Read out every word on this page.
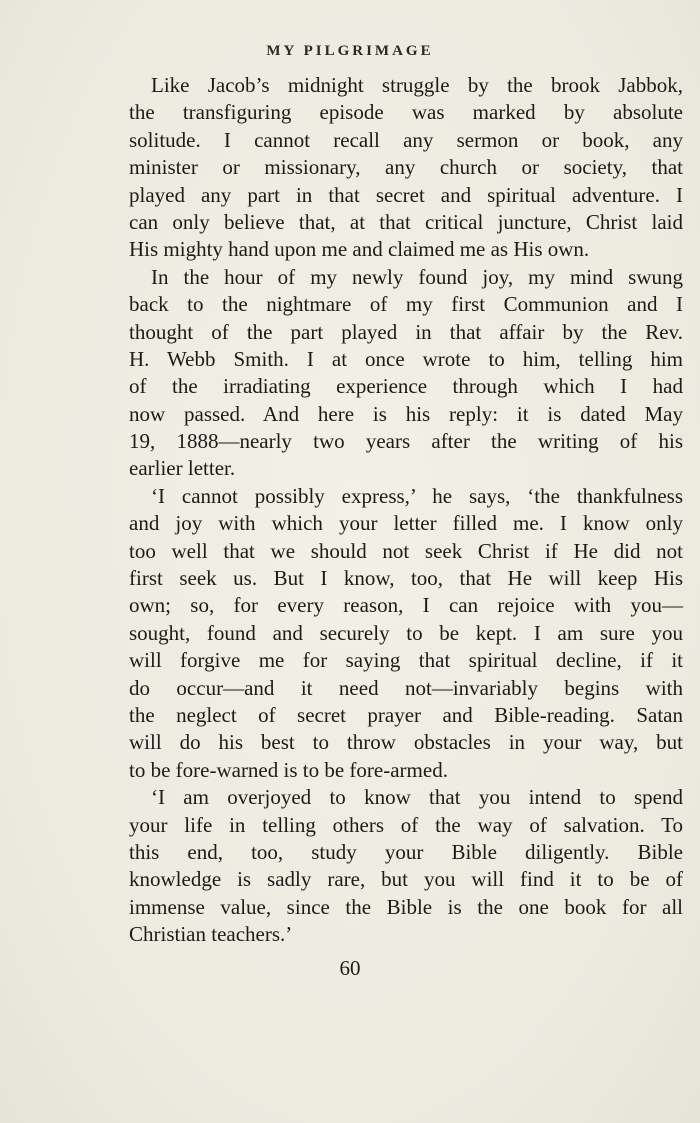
MY PILGRIMAGE
Like Jacob’s midnight struggle by the brook Jabbok,
the transfiguring episode was marked by absolute
solitude. I cannot recall any sermon or book, any
minister or missionary, any church or society, that
played any part in that secret and spiritual adventure. I
can only believe that, at that critical juncture, Christ laid
His mighty hand upon me and claimed me as His own.
In the hour of my newly found joy, my mind swung
back to the nightmare of my first Communion and I
thought of the part played in that affair by the Rev.
H. Webb Smith. I at once wrote to him, telling him
of the irradiating experience through which I had
now passed. And here is his reply: it is dated May
19, 1888—nearly two years after the writing of his
earlier letter.
‘I cannot possibly express,’ he says, ‘the thankfulness
and joy with which your letter filled me. I know only
too well that we should not seek Christ if He did not
first seek us. But I know, too, that He will keep His
own; so, for every reason, I can rejoice with you—
sought, found and securely to be kept. I am sure you
will forgive me for saying that spiritual decline, if it
do occur—and it need not—invariably begins with
the neglect of secret prayer and Bible-reading. Satan
will do his best to throw obstacles in your way, but
to be fore-warned is to be fore-armed.
‘I am overjoyed to know that you intend to spend
your life in telling others of the way of salvation. To
this end, too, study your Bible diligently. Bible
knowledge is sadly rare, but you will find it to be of
immense value, since the Bible is the one book for all
Christian teachers.’
60
